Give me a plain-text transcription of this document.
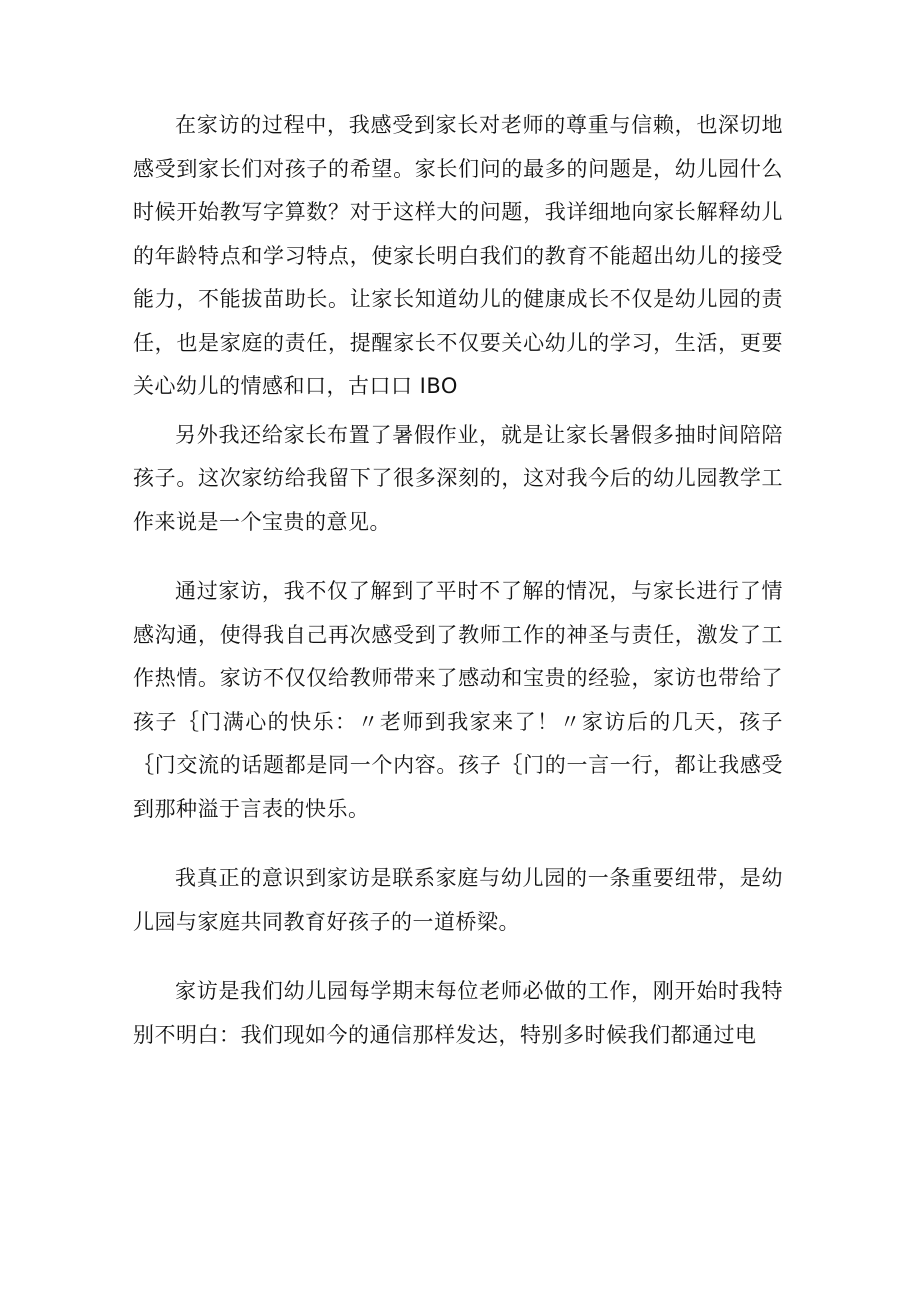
在家访的过程中，我感受到家长对老师的尊重与信赖，也深切地感受到家长们对孩子的希望。家长们问的最多的问题是，幼儿园什么时候开始教写字算数？对于这样大的问题，我详细地向家长解释幼儿的年龄特点和学习特点，使家长明白我们的教育不能超出幼儿的接受能力，不能拔苗助长。让家长知道幼儿的健康成长不仅是幼儿园的责任，也是家庭的责任，提醒家长不仅要关心幼儿的学习，生活，更要关心幼儿的情感和口，古口口 IBO

另外我还给家长布置了暑假作业，就是让家长暑假多抽时间陪陪孩子。这次家纺给我留下了很多深刻的，这对我今后的幼儿园教学工作来说是一个宝贵的意见。

通过家访，我不仅了解到了平时不了解的情况，与家长进行了情感沟通，使得我自己再次感受到了教师工作的神圣与责任，激发了工作热情。家访不仅仅给教师带来了感动和宝贵的经验，家访也带给了孩子｛门满心的快乐：〃老师到我家来了！〃家访后的几天，孩子｛门交流的话题都是同一个内容。孩子｛门的一言一行，都让我感受到那种溢于言表的快乐。

我真正的意识到家访是联系家庭与幼儿园的一条重要纽带，是幼儿园与家庭共同教育好孩子的一道桥梁。

家访是我们幼儿园每学期末每位老师必做的工作，刚开始时我特别不明白：我们现如今的通信那样发达，特别多时候我们都通过电
